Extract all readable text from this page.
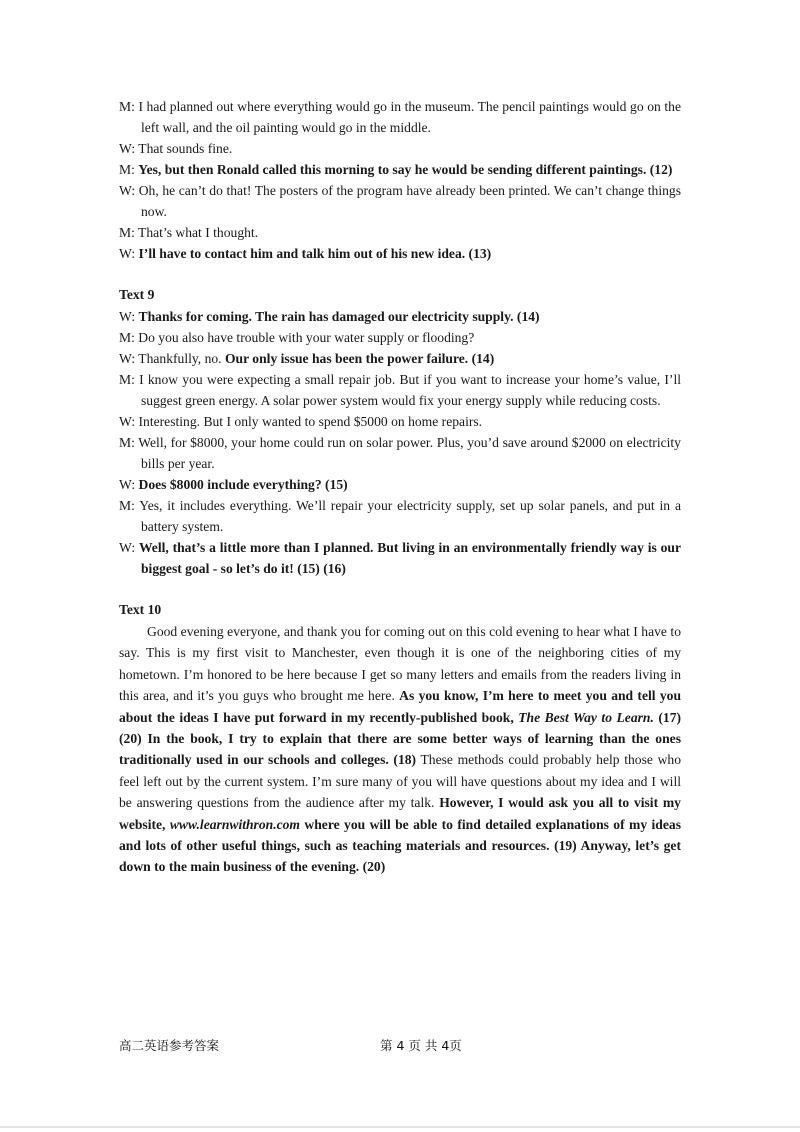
M: I had planned out where everything would go in the museum. The pencil paintings would go on the left wall, and the oil painting would go in the middle.

W: That sounds fine.

M: Yes, but then Ronald called this morning to say he would be sending different paintings. (12)

W: Oh, he can’t do that! The posters of the program have already been printed. We can’t change things now.

M: That’s what I thought.

W: I’ll have to contact him and talk him out of his new idea. (13)

Text 9

W: Thanks for coming. The rain has damaged our electricity supply. (14)

M: Do you also have trouble with your water supply or flooding?

W: Thankfully, no. Our only issue has been the power failure. (14)

M: I know you were expecting a small repair job. But if you want to increase your home’s value, I’ll suggest green energy. A solar power system would fix your energy supply while reducing costs.

W: Interesting. But I only wanted to spend $5000 on home repairs.

M: Well, for $8000, your home could run on solar power. Plus, you’d save around $2000 on electricity bills per year.

W: Does $8000 include everything? (15)

M: Yes, it includes everything. We’ll repair your electricity supply, set up solar panels, and put in a battery system.

W: Well, that’s a little more than I planned. But living in an environmentally friendly way is our biggest goal - so let’s do it! (15) (16)

Text 10

Good evening everyone, and thank you for coming out on this cold evening to hear what I have to say. This is my first visit to Manchester, even though it is one of the neighboring cities of my hometown. I’m honored to be here because I get so many letters and emails from the readers living in this area, and it’s you guys who brought me here. As you know, I’m here to meet you and tell you about the ideas I have put forward in my recently-published book, The Best Way to Learn. (17) (20) In the book, I try to explain that there are some better ways of learning than the ones traditionally used in our schools and colleges. (18) These methods could probably help those who feel left out by the current system. I’m sure many of you will have questions about my idea and I will be answering questions from the audience after my talk. However, I would ask you all to visit my website, www.learnwithron.com where you will be able to find detailed explanations of my ideas and lots of other useful things, such as teaching materials and resources. (19) Anyway, let’s get down to the main business of the evening. (20)

高二英语参考答案	第 4 页 共 4页
